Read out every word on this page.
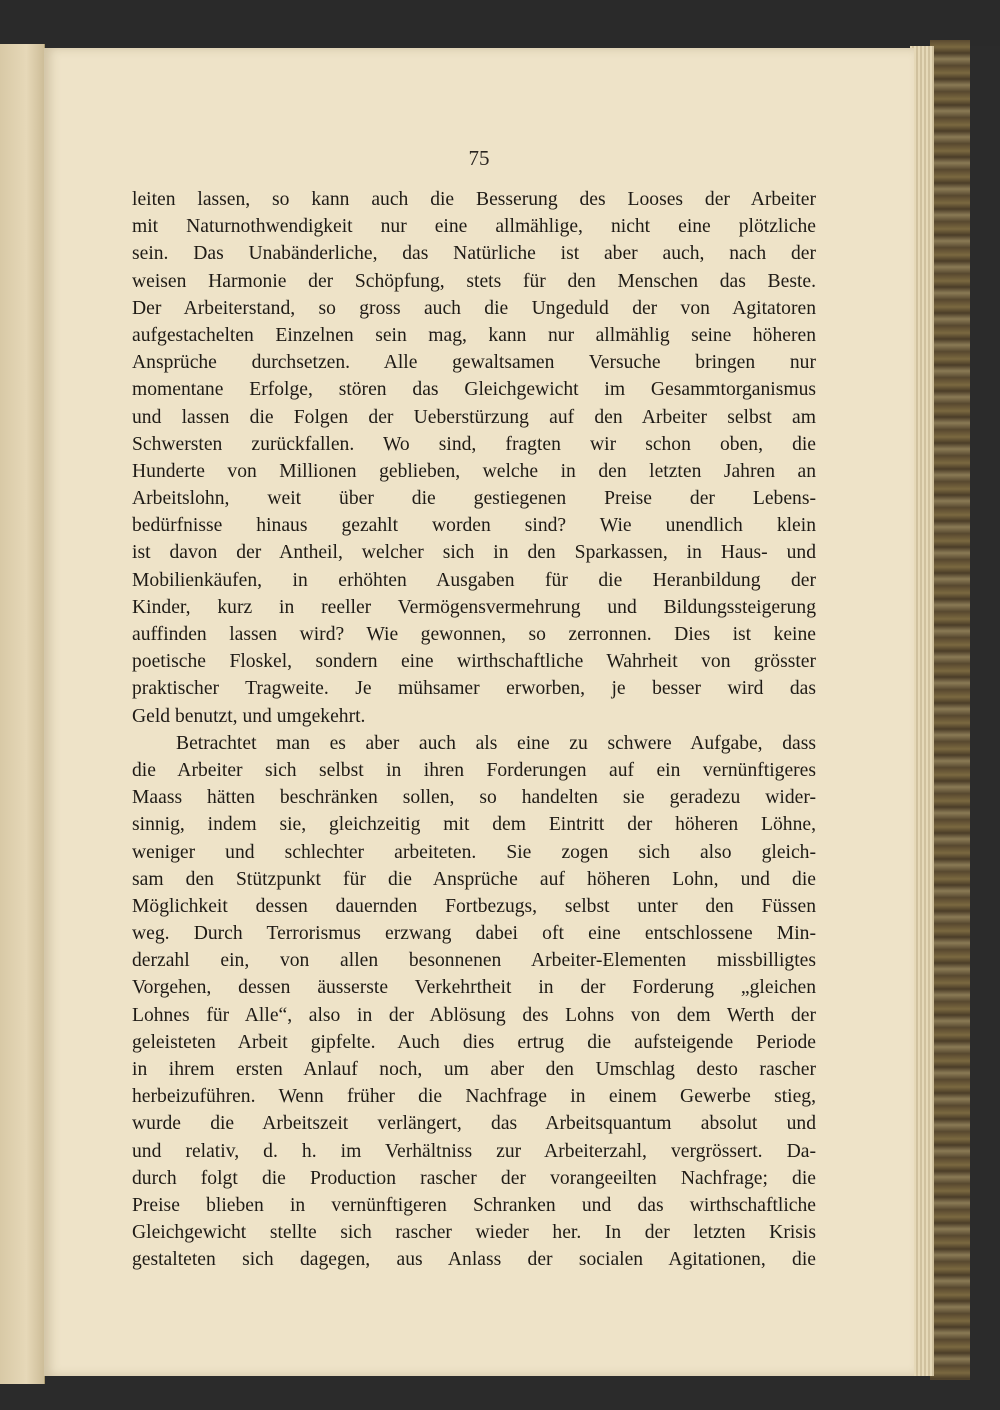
75
leiten lassen, so kann auch die Besserung des Looses der Arbeiter
mit Naturnothwendigkeit nur eine allmählige, nicht eine plötzliche
sein. Das Unabänderliche, das Natürliche ist aber auch, nach der
weisen Harmonie der Schöpfung, stets für den Menschen das Beste.
Der Arbeiterstand, so gross auch die Ungeduld der von Agitatoren
aufgestachelten Einzelnen sein mag, kann nur allmählig seine höheren
Ansprüche durchsetzen. Alle gewaltsamen Versuche bringen nur
momentane Erfolge, stören das Gleichgewicht im Gesammtorganismus
und lassen die Folgen der Ueberstürzung auf den Arbeiter selbst am
Schwersten zurückfallen. Wo sind, fragten wir schon oben, die
Hunderte von Millionen geblieben, welche in den letzten Jahren an
Arbeitslohn, weit über die gestiegenen Preise der Lebens-
bedürfnisse hinaus gezahlt worden sind? Wie unendlich klein
ist davon der Antheil, welcher sich in den Sparkassen, in Haus- und
Mobilienkäufen, in erhöhten Ausgaben für die Heranbildung der
Kinder, kurz in reeller Vermögensvermehrung und Bildungssteigerung
auffinden lassen wird? Wie gewonnen, so zerronnen. Dies ist keine
poetische Floskel, sondern eine wirthschaftliche Wahrheit von grösster
praktischer Tragweite. Je mühsamer erworben, je besser wird das
Geld benutzt, und umgekehrt.
Betrachtet man es aber auch als eine zu schwere Aufgabe, dass
die Arbeiter sich selbst in ihren Forderungen auf ein vernünftigeres
Maass hätten beschränken sollen, so handelten sie geradezu wider-
sinnig, indem sie, gleichzeitig mit dem Eintritt der höheren Löhne,
weniger und schlechter arbeiteten. Sie zogen sich also gleich-
sam den Stützpunkt für die Ansprüche auf höheren Lohn, und die
Möglichkeit dessen dauernden Fortbezugs, selbst unter den Füssen
weg. Durch Terrorismus erzwang dabei oft eine entschlossene Min-
derzahl ein, von allen besonnenen Arbeiter-Elementen missbilligtes
Vorgehen, dessen äusserste Verkehrtheit in der Forderung „gleichen
Lohnes für Alle“, also in der Ablösung des Lohns von dem Werth der
geleisteten Arbeit gipfelte. Auch dies ertrug die aufsteigende Periode
in ihrem ersten Anlauf noch, um aber den Umschlag desto rascher
herbeizuführen. Wenn früher die Nachfrage in einem Gewerbe stieg,
wurde die Arbeitszeit verlängert, das Arbeitsquantum absolut und
und relativ, d. h. im Verhältniss zur Arbeiterzahl, vergrössert. Da-
durch folgt die Production rascher der vorangeeilten Nachfrage; die
Preise blieben in vernünftigeren Schranken und das wirthschaftliche
Gleichgewicht stellte sich rascher wieder her. In der letzten Krisis
gestalteten sich dagegen, aus Anlass der socialen Agitationen, die
